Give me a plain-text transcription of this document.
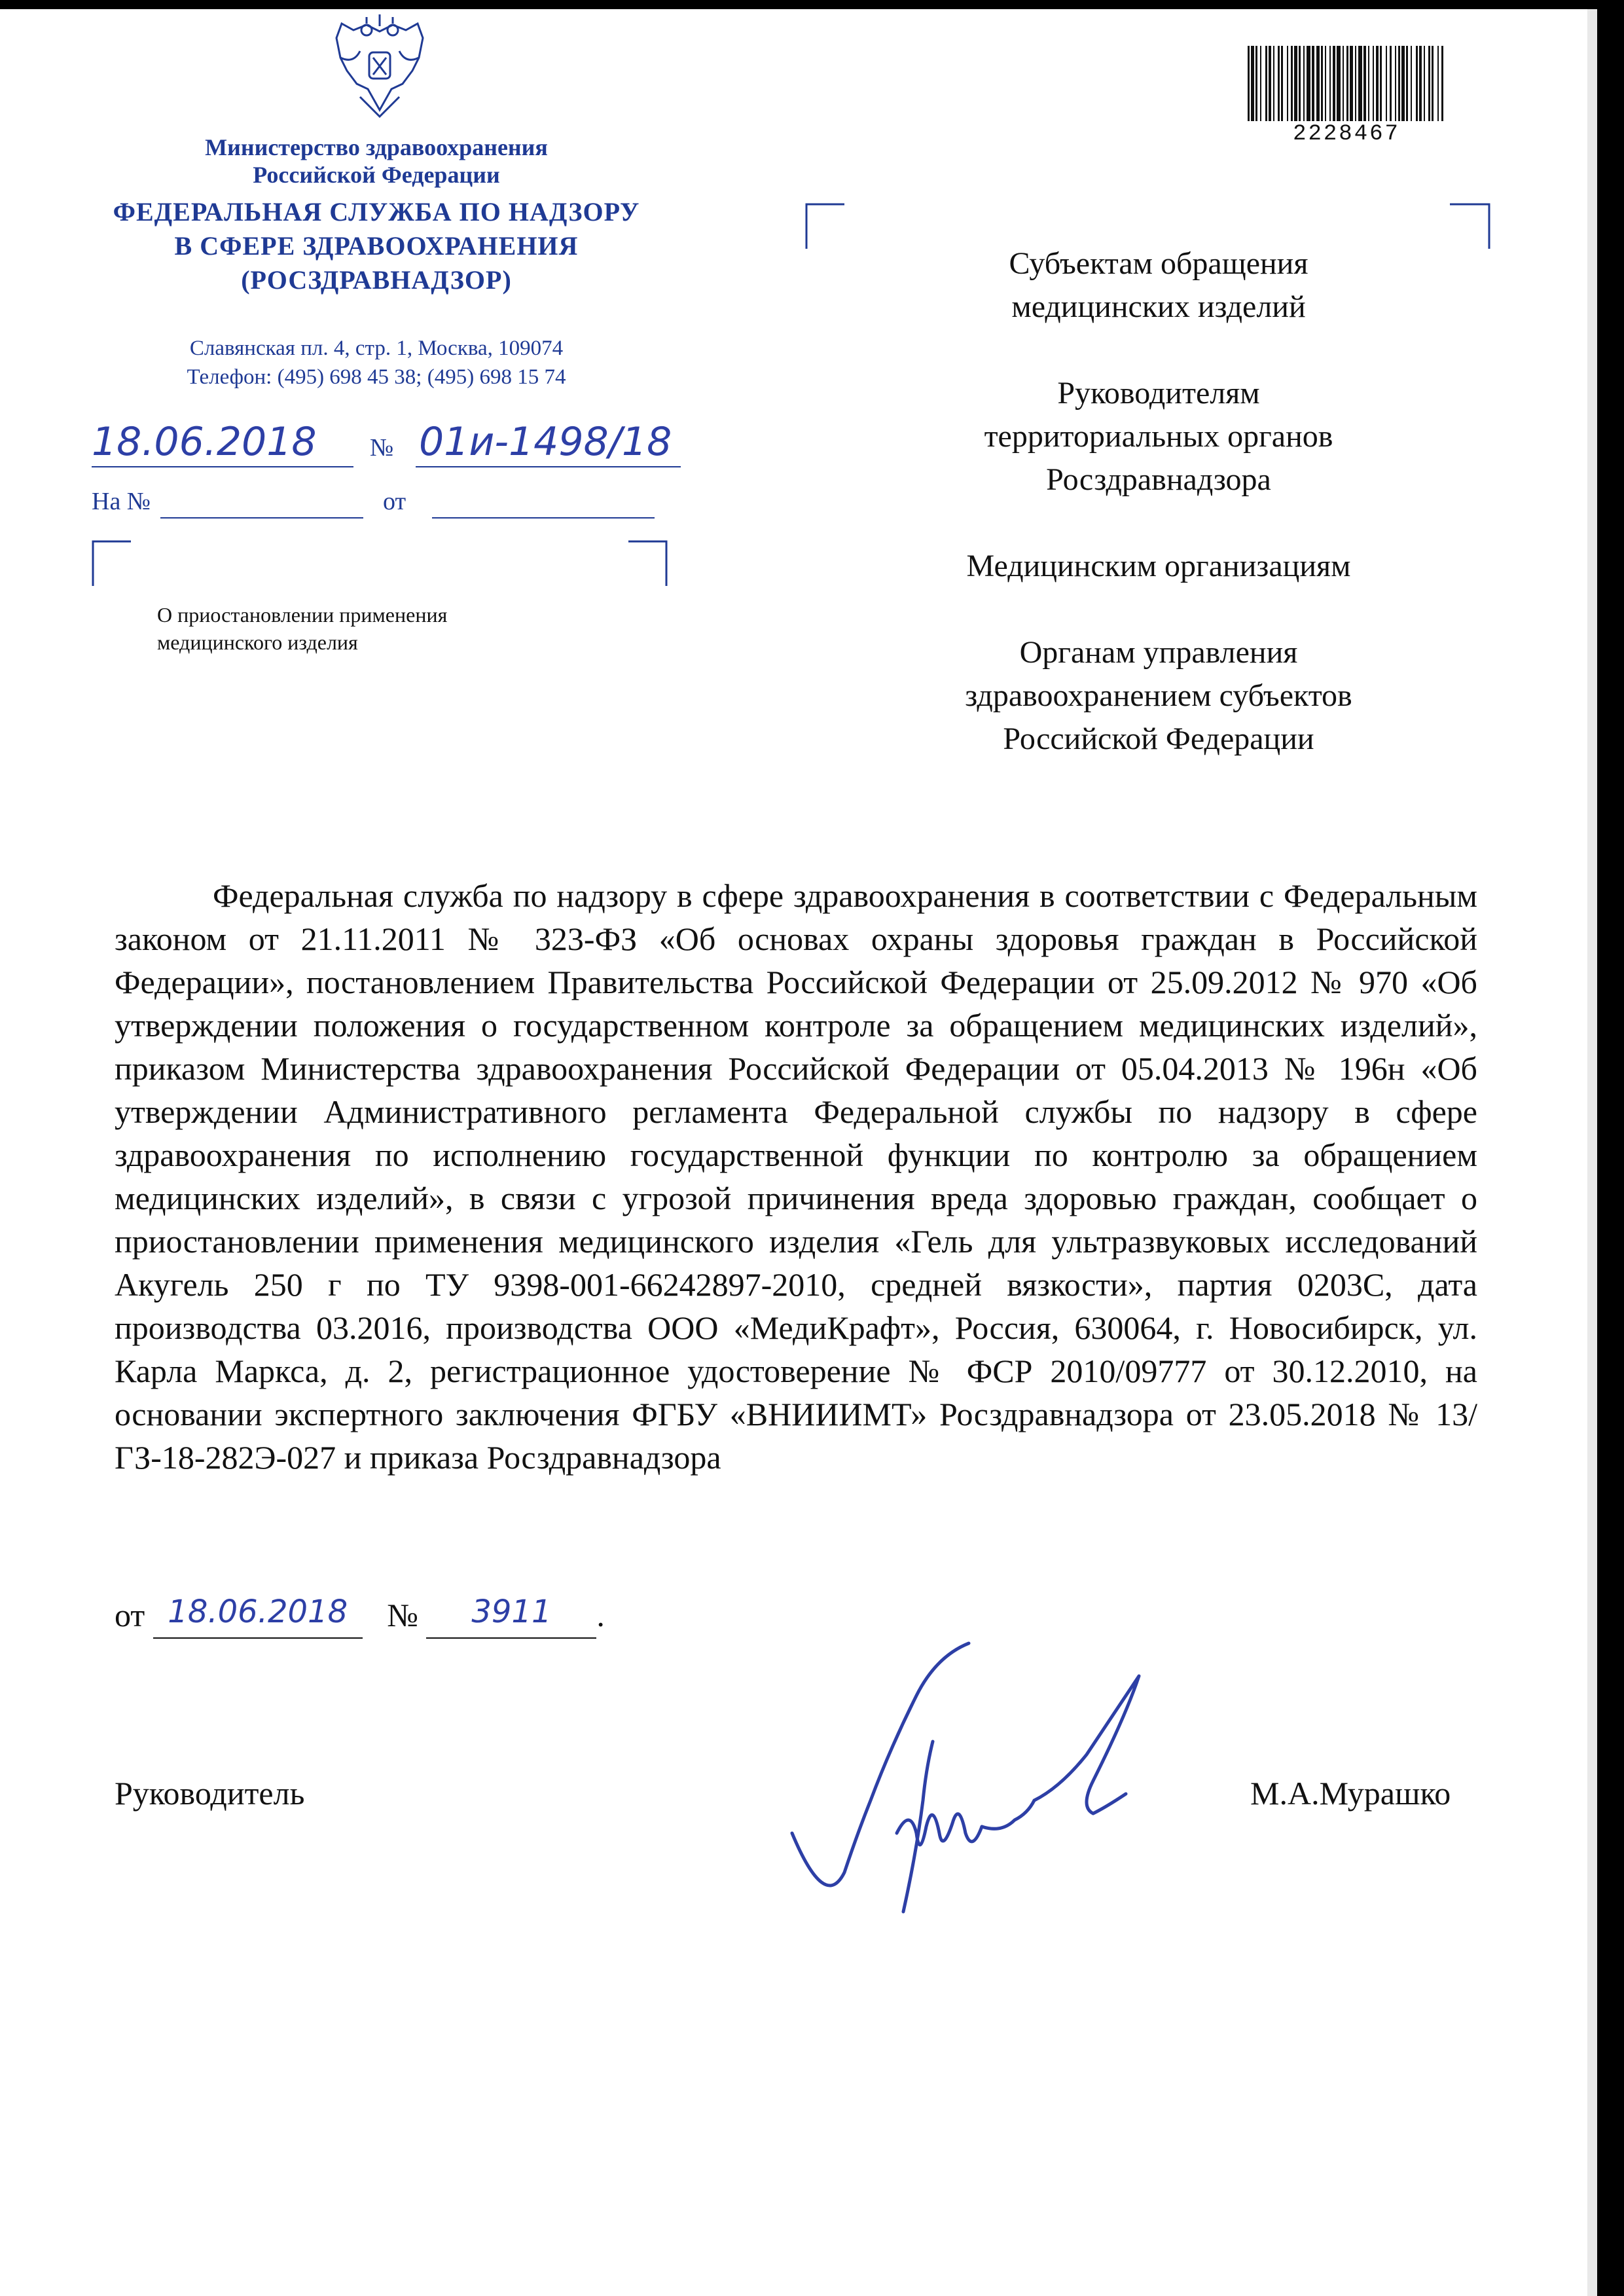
Министерство здравоохранения
Российской Федерации
ФЕДЕРАЛЬНАЯ СЛУЖБА ПО НАДЗОРУ
В СФЕРЕ ЗДРАВООХРАНЕНИЯ
(РОСЗДРАВНАДЗОР)
Славянская пл. 4, стр. 1, Москва, 109074
Телефон: (495) 698 45 38; (495) 698 15 74
18.06.2018 № 01и-1498/18
На №	от
О приостановлении применения
медицинского изделия
2228467

Субъектам обращения
медицинских изделий

Руководителям
территориальных органов
Росздравнадзора

Медицинским организациям

Органам управления
здравоохранением субъектов
Российской Федерации

Федеральная служба по надзору в сфере здравоохранения в соответствии с Федеральным законом от 21.11.2011 № 323-ФЗ «Об основах охраны здоровья граждан в Российской Федерации», постановлением Правительства Российской Федерации от 25.09.2012 № 970 «Об утверждении положения о государственном контроле за обращением медицинских изделий», приказом Министерства здравоохранения Российской Федерации от 05.04.2013 № 196н «Об утверждении Административного регламента Федеральной службы по надзору в сфере здравоохранения по исполнению государственной функции по контролю за обращением медицинских изделий», в связи с угрозой причинения вреда здоровью граждан, сообщает о приостановлении применения медицинского изделия «Гель для ультразвуковых исследований Акугель 250 г по ТУ 9398-001-66242897-2010, средней вязкости», партия 0203С, дата производства 03.2016, производства ООО «МедиКрафт», Россия, 630064, г. Новосибирск, ул. Карла Маркса, д. 2, регистрационное удостоверение № ФСР 2010/09777 от 30.12.2010, на основании экспертного заключения ФГБУ «ВНИИИМТ» Росздравнадзора от 23.05.2018 № 13/ГЗ-18-282Э-027 и приказа Росздравнадзора
от 18.06.2018 № 3911 .
Руководитель	М.А.Мурашко
